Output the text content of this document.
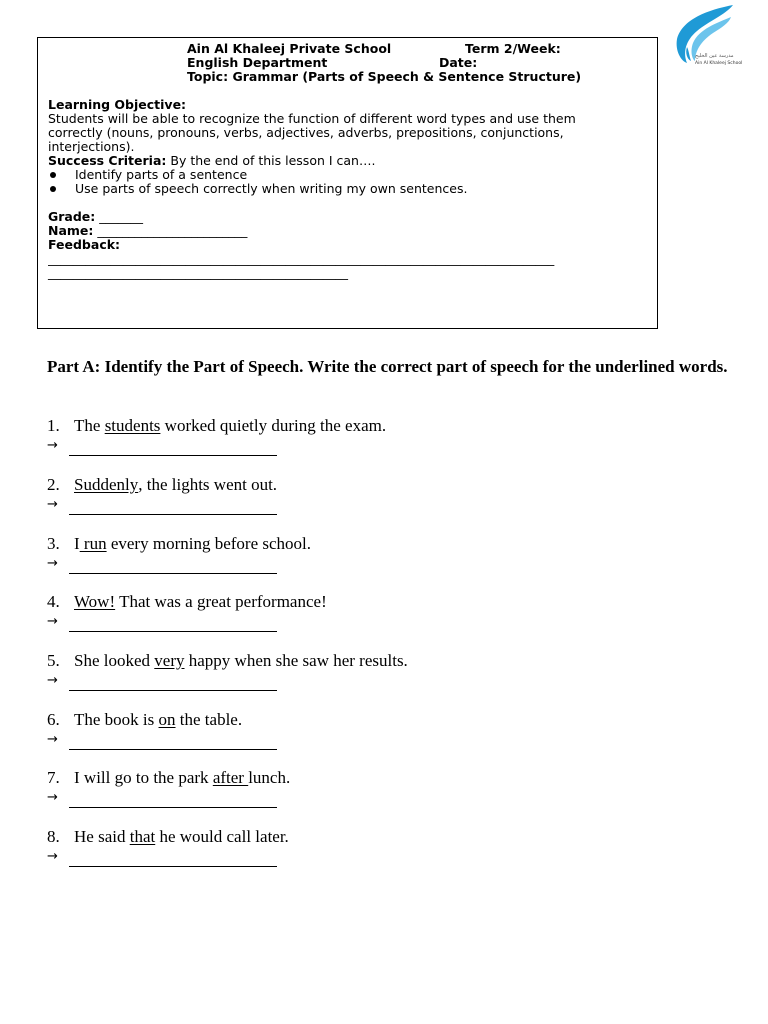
مدرسة عين الخليج
Ain Al Khaleej School
Ain Al Khaleej Private School	Term 2/Week:
English Department	Date:
Topic: Grammar (Parts of Speech & Sentence Structure)

Learning Objective:

Students will be able to recognize the function of different word types and use them correctly (nouns, pronouns, verbs, adjectives, adverbs, prepositions, conjunctions, interjections).

Success Criteria: By the end of this lesson I can….

Identify parts of a sentence
Use parts of speech correctly when writing my own sentences.

Grade: _______

Name: ________________________

Feedback:

_________________________________________________________________________________

________________________________________________

Part A: Identify the Part of Speech. Write the correct part of speech for the underlined words.
1. The students worked quietly during the exam.
→
2. Suddenly , the lights went out.
→
3. I run every morning before school.
→
4. Wow! That was a great performance!
→
5. She looked very happy when she saw her results.
→
6. The book is on the table.
→
7. I will go to the park after lunch.
→
8. He said that he would call later.
→
